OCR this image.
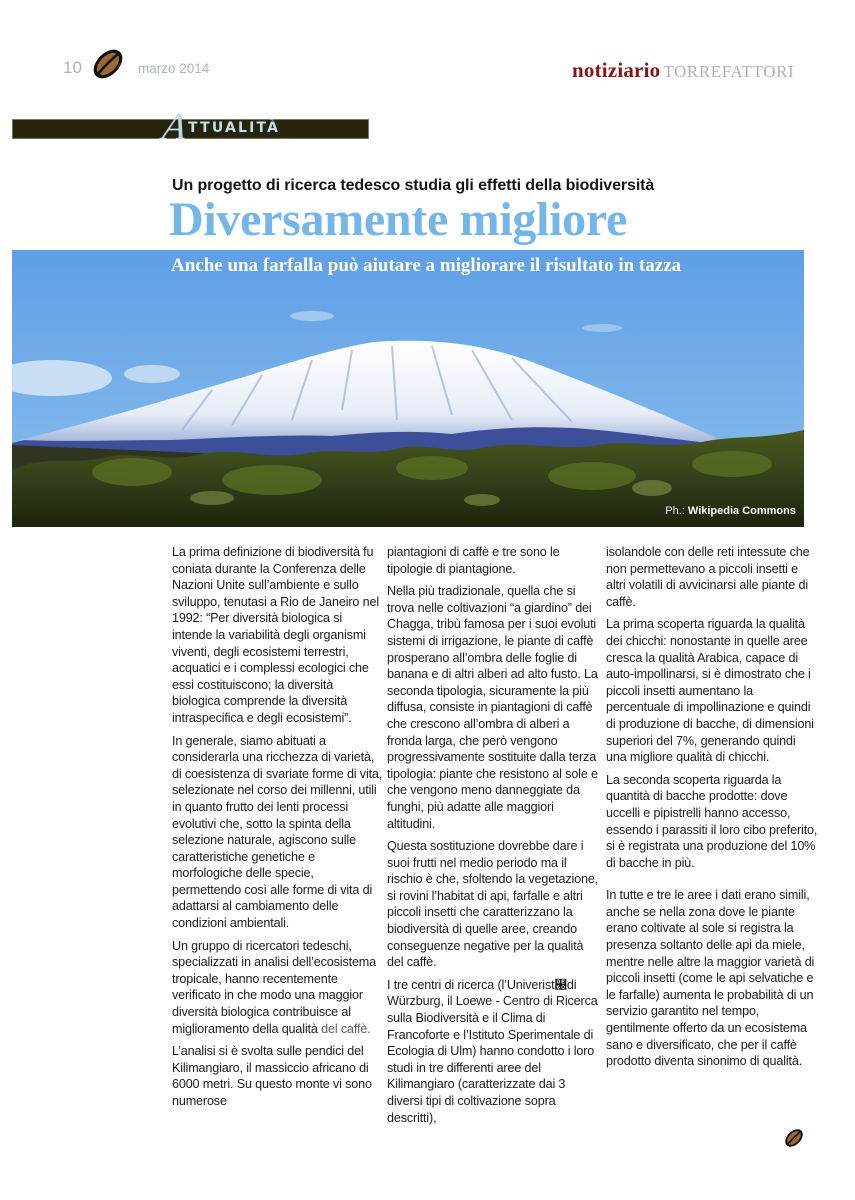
10	marzo 2014	notiziario TORREFATTORI
A
TTUALITÀ
Un progetto di ricerca tedesco studia gli effetti della biodiversità
Diversamente migliore
Anche una farfalla può aiutare a migliorare il risultato in tazza
Ph.: Wikipedia Commons

La prima definizione di biodiversità fu coniata durante la Conferenza delle Nazioni Unite sull’ambiente e sullo sviluppo, tenutasi a Rio de Janeiro nel 1992: “Per diversità biologica si intende la variabilità degli organismi viventi, degli ecosistemi terrestri, acquatici e i complessi ecologici che essi costituiscono; la diversità biologica comprende la diversità intraspecifica e degli ecosistemi”.

In generale, siamo abituati a considerarla una ricchezza di varietà, di coesistenza di svariate forme di vita, selezionate nel corso dei millenni, utili in quanto frutto dei lenti processi evolutivi che, sotto la spinta della selezione naturale, agiscono sulle caratteristiche genetiche e morfologiche delle specie, permettendo così alle forme di vita di adattarsi al cambiamento delle condizioni ambientali.

Un gruppo di ricercatori tedeschi, specializzati in analisi dell’ecosistema tropicale, hanno recentemente verificato in che modo una maggior diversità biologica contribuisce al miglioramento della qualità del caffè.

L’analisi si è svolta sulle pendici del Kilimangiaro, il massiccio africano di 6000 metri. Su questo monte vi sono numerose

piantagioni di caffè e tre sono le tipologie di piantagione.

Nella più tradizionale, quella che si trova nelle coltivazioni “a giardino” dei Chagga, tribù famosa per i suoi evoluti sistemi di irrigazione, le piante di caffè prosperano all’ombra delle foglie di banana e di altri alberi ad alto fusto. La seconda tipologia, sicuramente la più diffusa, consiste in piantagioni di caffè che crescono all’ombra di alberi a fronda larga, che però vengono progressivamente sostituite dalla terza tipologia: piante che resistono al sole e che vengono meno danneggiate da funghi, più adatte alle maggiori altitudini.

Questa sostituzione dovrebbe dare i suoi frutti nel medio periodo ma il rischio è che, sfoltendo la vegetazione, si rovini l’habitat di api, farfalle e altri piccoli insetti che caratterizzano la biodiversità di quelle aree, creando conseguenze negative per la qualità del caffè.

I tre centri di ricerca (l’Univerist๠di Würzburg, il Loewe - Centro di Ricerca sulla Biodiversità e il Clima di Francoforte e l’Istituto Sperimentale di Ecologia di Ulm) hanno condotto i loro studi in tre differenti aree del Kilimangiaro (caratterizzate dai 3 diversi tipi di coltivazione sopra descritti),

isolandole con delle reti intessute che non permettevano a piccoli insetti e altri volatili di avvicinarsi alle piante di caffè.

La prima scoperta riguarda la qualità dei chicchi: nonostante in quelle aree cresca la qualità Arabica, capace di auto-impollinarsi, si è dimostrato che i piccoli insetti aumentano la percentuale di impollinazione e quindi di produzione di bacche, di dimensioni superiori del 7%, generando quindi una migliore qualità di chicchi.

La seconda scoperta riguarda la quantità di bacche prodotte: dove uccelli e pipistrelli hanno accesso, essendo i parassiti il loro cibo preferito, si è registrata una produzione del 10% di bacche in più.

In tutte e tre le aree i dati erano simili, anche se nella zona dove le piante erano coltivate al sole si registra la presenza soltanto delle api da miele, mentre nelle altre la maggior varietà di piccoli insetti (come le api selvatiche e le farfalle) aumenta le probabilità di un servizio garantito nel tempo, gentilmente offerto da un ecosistema sano e diversificato, che per il caffè prodotto diventa sinonimo di qualità.
